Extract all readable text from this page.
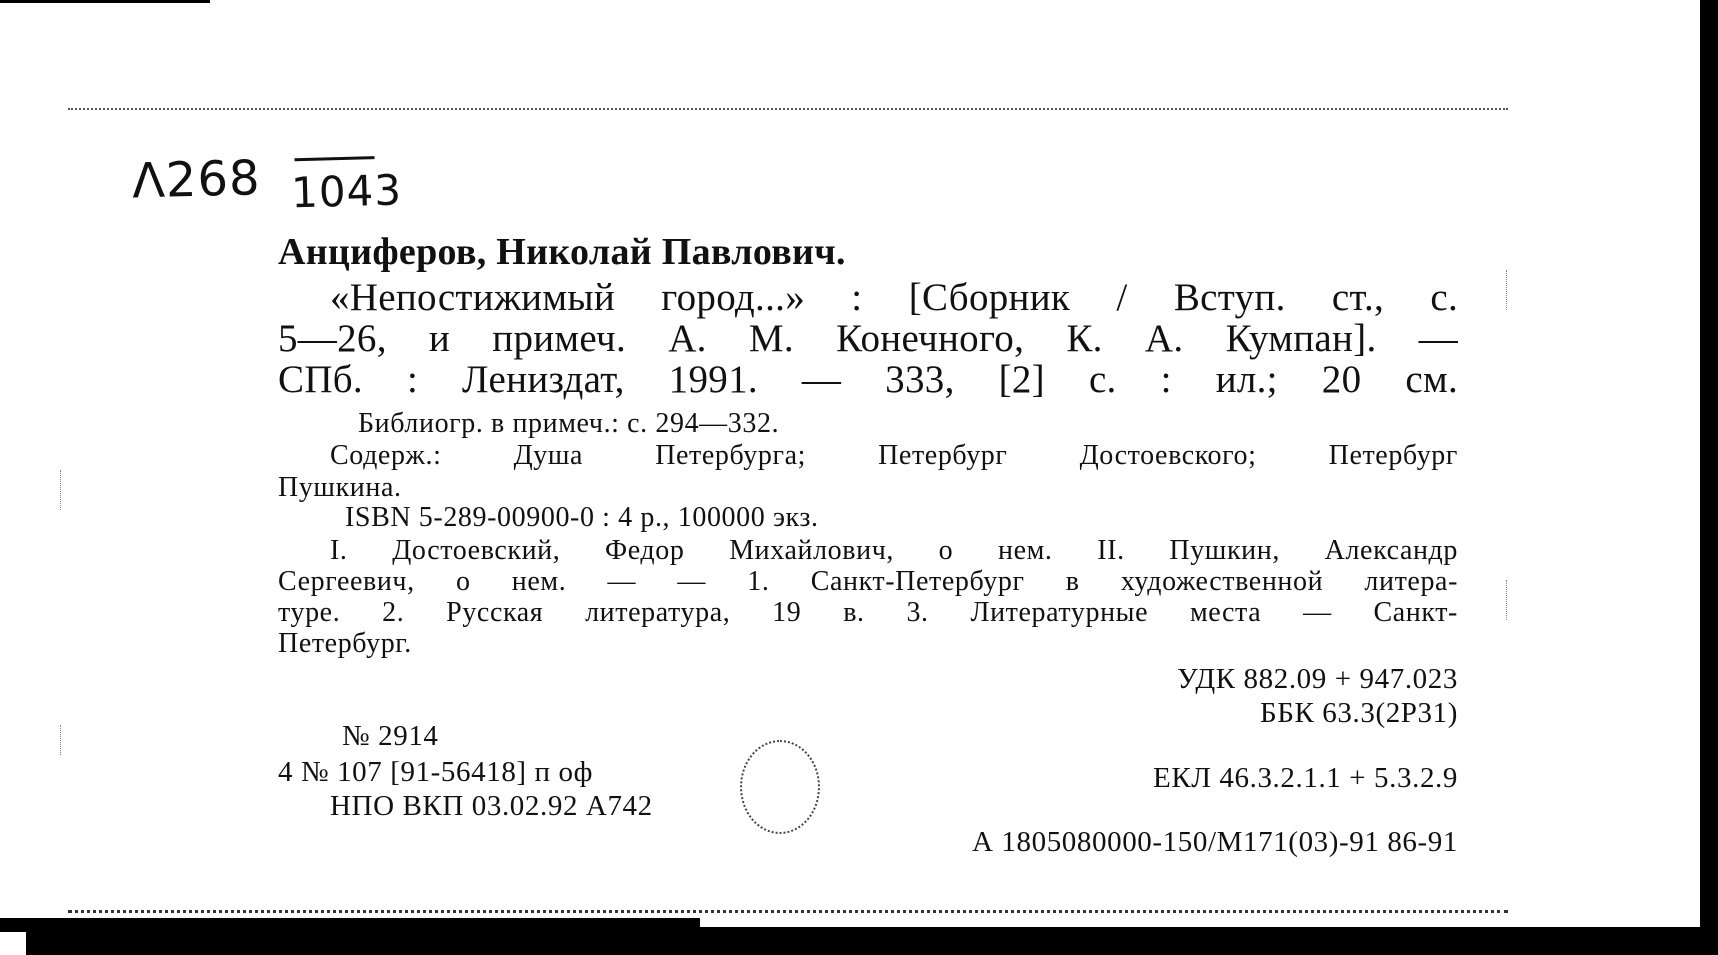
Λ268 1043
Анциферов, Николай Павлович.
«Непостижимый город...» : [Сборник / Вступ. ст., с.
5—26, и примеч. А. М. Конечного, К. А. Кумпан]. —
СПб. : Лениздат, 1991. — 333, [2] с. : ил.; 20 см.
Библиогр. в примеч.: с. 294—332.
Содерж.: Душа Петербурга; Петербург Достоевского; Петербург
Пушкина.
ISBN 5-289-00900-0 : 4 р., 100000 экз.
I. Достоевский, Федор Михайлович, о нем. II. Пушкин, Александр
Сергеевич, о нем. — — 1. Санкт-Петербург в художественной литера-
туре. 2. Русская литература, 19 в. 3. Литературные места — Санкт-
Петербург.
УДК 882.09 + 947.023
ББК 63.3(2Р31)
ЕКЛ 46.3.2.1.1 + 5.3.2.9
А 1805080000-150/М171(03)-91 86-91
№ 2914
4 № 107 [91-56418] п оф
НПО ВКП 03.02.92 А742
